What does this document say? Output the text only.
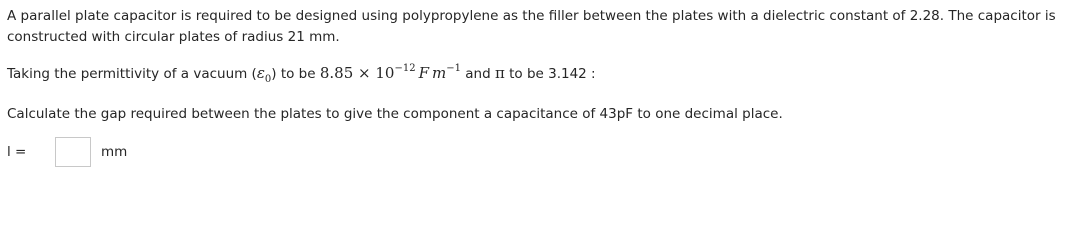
A parallel plate capacitor is required to be designed using polypropylene as the filler between the plates with a dielectric constant of 2.28. The capacitor is constructed with circular plates of radius 21 mm.
Taking the permittivity of a vacuum $(\varepsilon_0)$ to be $8.85 \times 10^{-12}$  F  $m^{-1}$ and π to be 3.142 :
Calculate the gap required between the plates to give the component a capacitance of 43pF to one decimal place.
l =	mm
